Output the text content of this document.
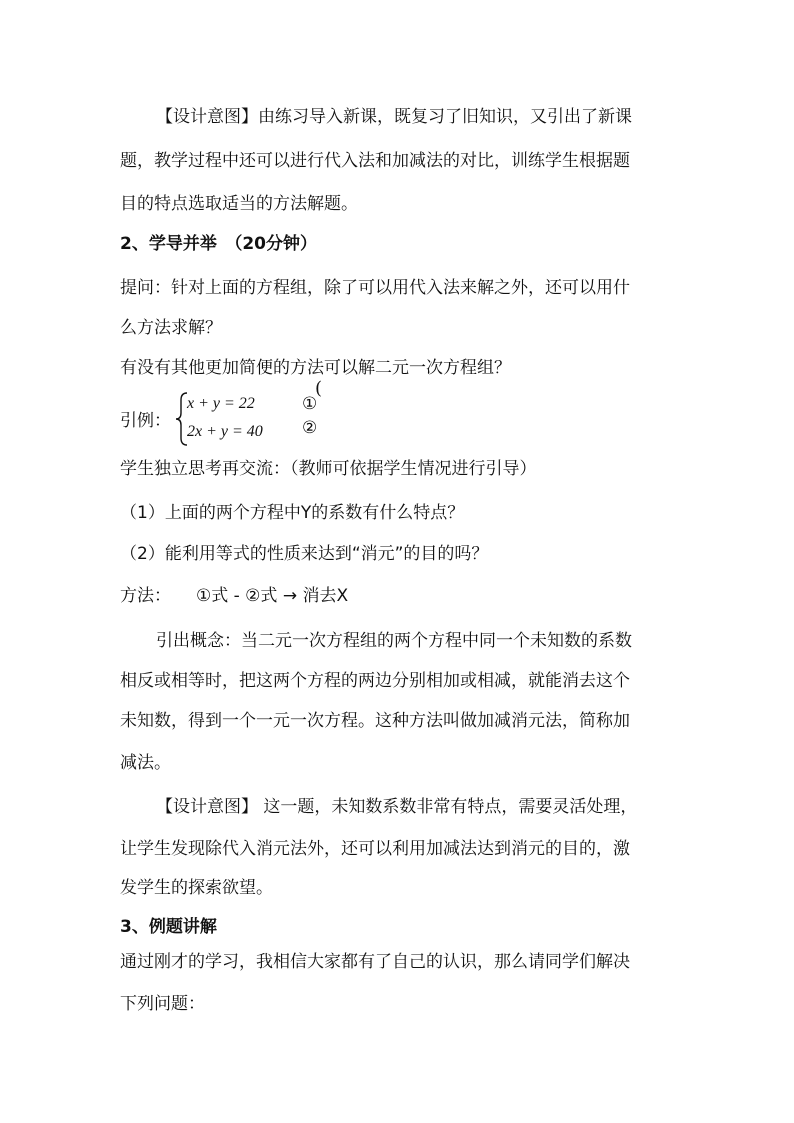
【设计意图】由练习导入新课，既复习了旧知识，又引出了新课
题，教学过程中还可以进行代入法和加减法的对比，训练学生根据题
目的特点选取适当的方法解题。
2、学导并举　（20分钟）
提问：针对上面的方程组，除了可以用代入法来解之外，还可以用什
么方法求解？
有没有其他更加简便的方法可以解二元一次方程组？
引例：
x + y = 22
2x + y = 40
①
②
(
学生独立思考再交流：（教师可依据学生情况进行引导）
（1）上面的两个方程中Y的系数有什么特点？
（2）能利用等式的性质来达到“消元”的目的吗？
方法： ①式 - ②式 → 消去X
引出概念：当二元一次方程组的两个方程中同一个未知数的系数
相反或相等时，把这两个方程的两边分别相加或相减，就能消去这个
未知数，得到一个一元一次方程。这种方法叫做加减消元法，简称加
减法。
【设计意图】 这一题，未知数系数非常有特点，需要灵活处理，
让学生发现除代入消元法外，还可以利用加减法达到消元的目的，激
发学生的探索欲望。
3、例题讲解
通过刚才的学习，我相信大家都有了自己的认识，那么请同学们解决
下列问题：
